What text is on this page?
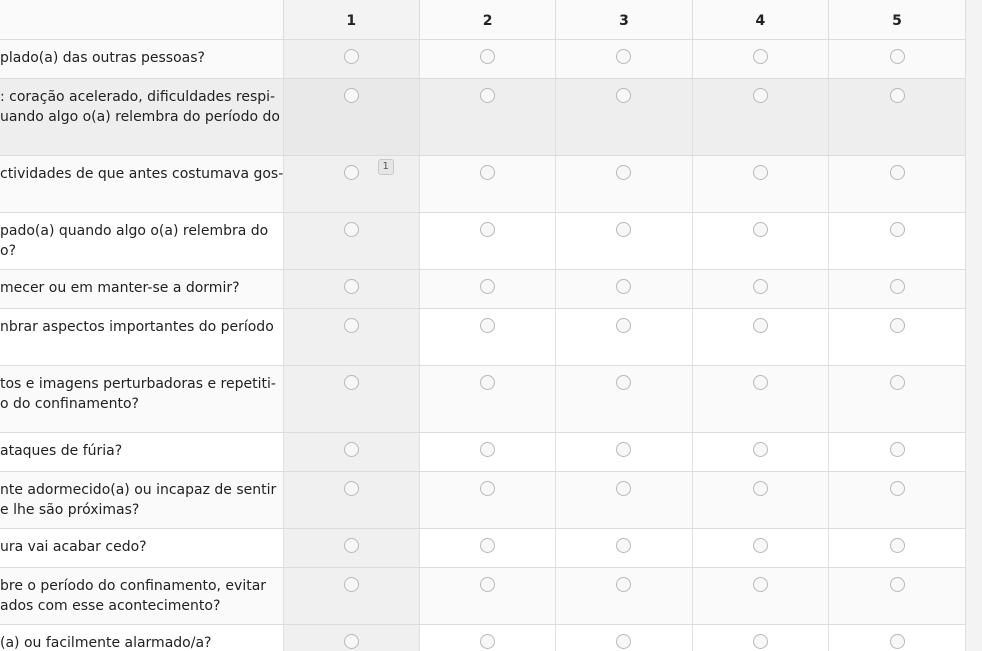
	1	2	3	4	5

plado(a) das outras pessoas?					

: coração acelerado, dificuldades respi-
uando algo o(a) relembra do período do					

ctividades de que antes costumava gos-	1				

pado(a) quando algo o(a) relembra do
o?					

mecer ou em manter-se a dormir?					

nbrar aspectos importantes do período					

tos e imagens perturbadoras e repetiti-
o do confinamento?					

ataques de fúria?					

nte adormecido(a) ou incapaz de sentir
e lhe são próximas?					

ura vai acabar cedo?					

bre o período do confinamento, evitar
ados com esse acontecimento?					

(a) ou facilmente alarmado/a?					
